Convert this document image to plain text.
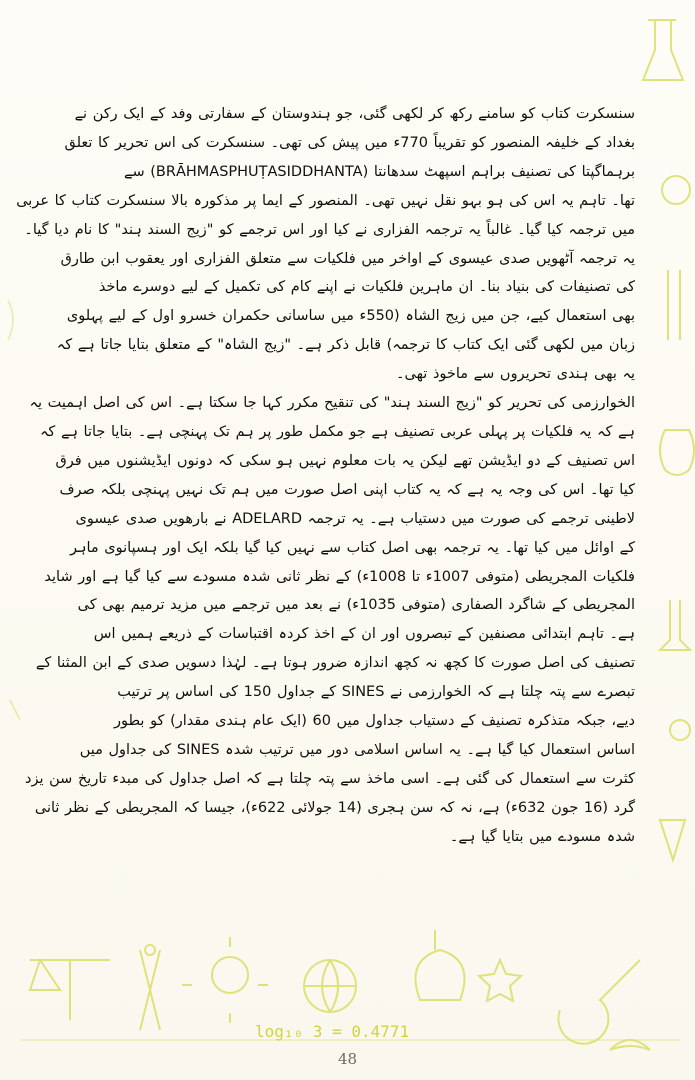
سنسکرت کتاب کو سامنے رکھ کر لکھی گئی، جو ہندوستان کے سفارتی وفد کے ایک رکن نے
بغداد کے خلیفہ المنصور کو تقریباً 770ء میں پیش کی تھی۔ سنسکرت کی اس تحریر کا تعلق
برہماگپتا کی تصنیف براہم اسپھٹ سدھانتا (BRĀHMASPHUṬASIDDHANTA) سے
تھا۔ تاہم یہ اس کی ہو بہو نقل نہیں تھی۔ المنصور کے ایما پر مذکورہ بالا سنسکرت کتاب کا عربی
میں ترجمہ کیا گیا۔ غالباً یہ ترجمہ الفزاری نے کیا اور اس ترجمے کو "زیج السند ہند" کا نام دیا گیا۔
یہ ترجمہ آٹھویں صدی عیسوی کے اواخر میں فلکیات سے متعلق الفزاری اور یعقوب ابن طارق
کی تصنیفات کی بنیاد بنا۔ ان ماہرین فلکیات نے اپنے کام کی تکمیل کے لیے دوسرے ماخذ
بھی استعمال کیے، جن میں زیج الشاہ (550ء میں ساسانی حکمران خسرو اول کے لیے پہلوی
زبان میں لکھی گئی ایک کتاب کا ترجمہ) قابل ذکر ہے۔ "زیج الشاہ" کے متعلق بتایا جاتا ہے کہ
یہ بھی ہندی تحریروں سے ماخوذ تھی۔
الخوارزمی کی تحریر کو "زیج السند ہند" کی تنقیح مکرر کہا جا سکتا ہے۔ اس کی اصل اہمیت یہ
ہے کہ یہ فلکیات پر پہلی عربی تصنیف ہے جو مکمل طور پر ہم تک پہنچی ہے۔ بتایا جاتا ہے کہ
اس تصنیف کے دو ایڈیشن تھے لیکن یہ بات معلوم نہیں ہو سکی کہ دونوں ایڈیشنوں میں فرق
کیا تھا۔ اس کی وجہ یہ ہے کہ یہ کتاب اپنی اصل صورت میں ہم تک نہیں پہنچی بلکہ صرف
لاطینی ترجمے کی صورت میں دستیاب ہے۔ یہ ترجمہ ADELARD نے بارھویں صدی عیسوی
کے اوائل میں کیا تھا۔ یہ ترجمہ بھی اصل کتاب سے نہیں کیا گیا بلکہ ایک اور ہسپانوی ماہر
فلکیات المجریطی (متوفی 1007ء تا 1008ء) کے نظر ثانی شدہ مسودے سے کیا گیا ہے اور شاید
المجریطی کے شاگرد الصفاری (متوفی 1035ء) نے بعد میں ترجمے میں مزید ترمیم بھی کی
ہے۔ تاہم ابتدائی مصنفین کے تبصروں اور ان کے اخذ کردہ اقتباسات کے ذریعے ہمیں اس
تصنیف کی اصل صورت کا کچھ نہ کچھ اندازہ ضرور ہوتا ہے۔ لہٰذا دسویں صدی کے ابن المثنا کے
تبصرے سے پتہ چلتا ہے کہ الخوارزمی نے SINES کے جداول 150 کی اساس پر ترتیب
دیے، جبکہ متذکرہ تصنیف کے دستیاب جداول میں 60 (ایک عام ہندی مقدار) کو بطور
اساس استعمال کیا گیا ہے۔ یہ اساس اسلامی دور میں ترتیب شدہ SINES کی جداول میں
کثرت سے استعمال کی گئی ہے۔ اسی ماخذ سے پتہ چلتا ہے کہ اصل جداول کی مبدء تاریخ سن یزد
گرد (16 جون 632ء) ہے، نہ کہ سن ہجری (14 جولائی 622ء)، جیسا کہ المجریطی کے نظر ثانی
شدہ مسودے میں بتایا گیا ہے۔
log₁₀ 3 = 0.4771
48
